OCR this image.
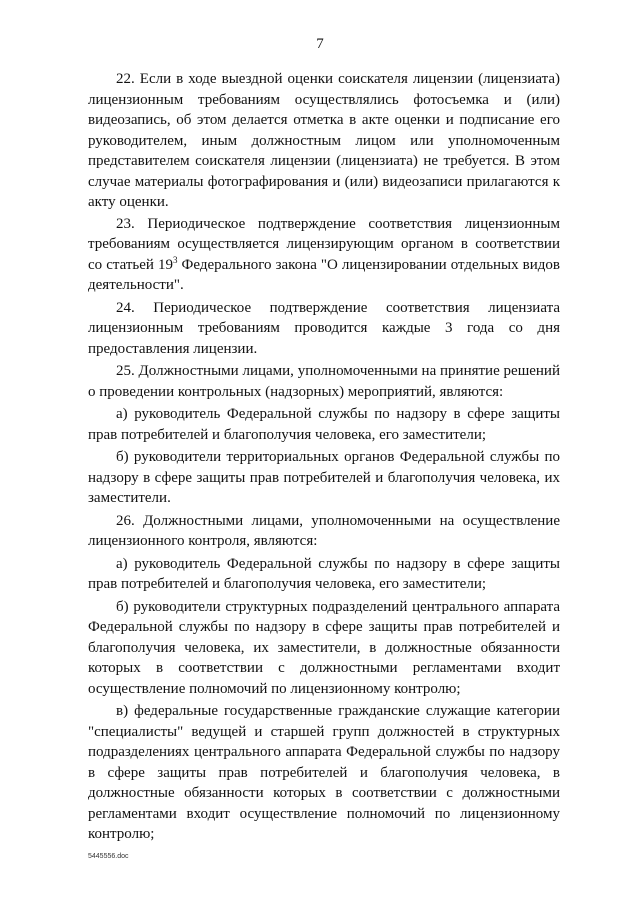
7

22. Если в ходе выездной оценки соискателя лицензии (лицензиата) лицензионным требованиям осуществлялись фотосъемка и (или) видеозапись, об этом делается отметка в акте оценки и подписание его руководителем, иным должностным лицом или уполномоченным представителем соискателя лицензии (лицензиата) не требуется. В этом случае материалы фотографирования и (или) видеозаписи прилагаются к акту оценки.

23. Периодическое подтверждение соответствия лицензионным требованиям осуществляется лицензирующим органом в соответствии со статьей $19^3$ Федерального закона "О лицензировании отдельных видов деятельности".

24. Периодическое подтверждение соответствия лицензиата лицензионным требованиям проводится каждые 3 года со дня предоставления лицензии.

25. Должностными лицами, уполномоченными на принятие решений о проведении контрольных (надзорных) мероприятий, являются:

а) руководитель Федеральной службы по надзору в сфере защиты прав потребителей и благополучия человека, его заместители;

б) руководители территориальных органов Федеральной службы по надзору в сфере защиты прав потребителей и благополучия человека, их заместители.

26. Должностными лицами, уполномоченными на осуществление лицензионного контроля, являются:

а) руководитель Федеральной службы по надзору в сфере защиты прав потребителей и благополучия человека, его заместители;

б) руководители структурных подразделений центрального аппарата Федеральной службы по надзору в сфере защиты прав потребителей и благополучия человека, их заместители, в должностные обязанности которых в соответствии с должностными регламентами входит осуществление полномочий по лицензионному контролю;

в) федеральные государственные гражданские служащие категории "специалисты" ведущей и старшей групп должностей в структурных подразделениях центрального аппарата Федеральной службы по надзору в сфере защиты прав потребителей и благополучия человека, в должностные обязанности которых в соответствии с должностными регламентами входит осуществление полномочий по лицензионному контролю;

5445556.doc
